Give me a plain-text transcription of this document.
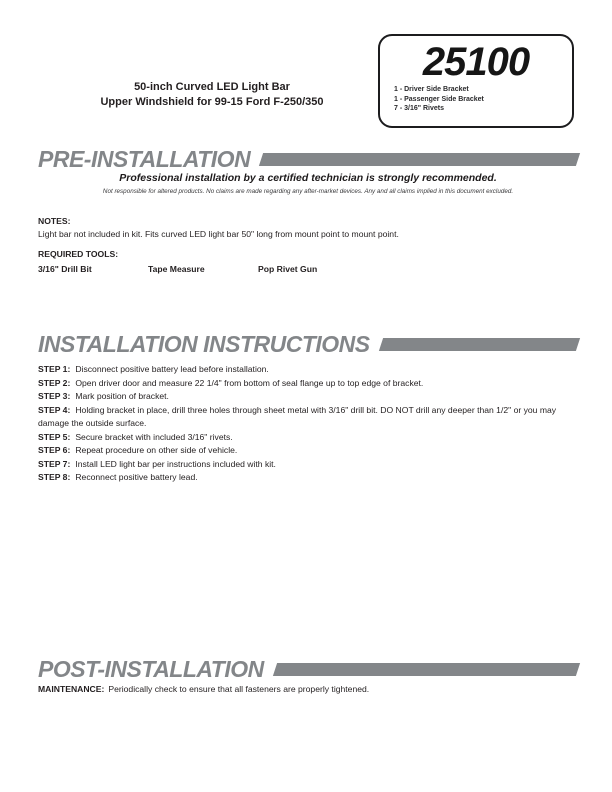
50-inch Curved LED Light Bar
Upper Windshield for 99-15 Ford F-250/350
25100
1 - Driver Side Bracket
1 - Passenger Side Bracket
7 - 3/16" Rivets
PRE-INSTALLATION
Professional installation by a certified technician is strongly recommended.
Not responsible for altered products. No claims are made regarding any after-market devices. Any and all claims implied in this document excluded.
NOTES:
Light bar not included in kit. Fits curved LED light bar 50" long from mount point to mount point.
REQUIRED TOOLS:
3/16" Drill Bit	Tape Measure	Pop Rivet Gun
INSTALLATION INSTRUCTIONS

STEP 1: Disconnect positive battery lead before installation.

STEP 2: Open driver door and measure 22 1/4" from bottom of seal flange up to top edge of bracket.

STEP 3: Mark position of bracket.

STEP 4: Holding bracket in place, drill three holes through sheet metal with 3/16" drill bit. DO NOT drill any deeper than 1/2" or you may damage the outside surface.

STEP 5: Secure bracket with included 3/16" rivets.

STEP 6: Repeat procedure on other side of vehicle.

STEP 7: Install LED light bar per instructions included with kit.

STEP 8: Reconnect positive battery lead.

POST-INSTALLATION
MAINTENANCE: Periodically check to ensure that all fasteners are properly tightened.
